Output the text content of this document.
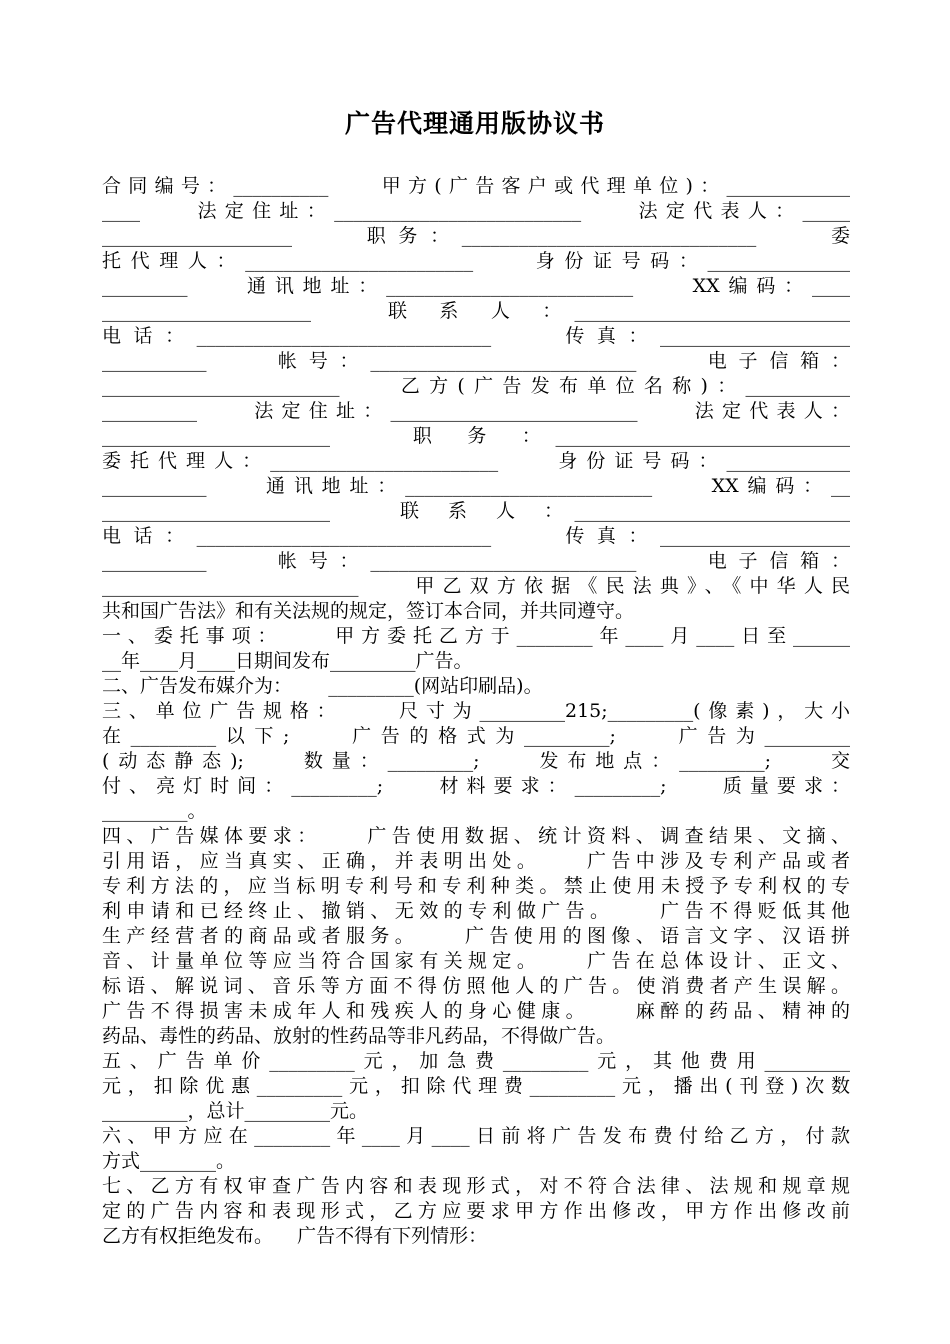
广告代理通用版协议书
合同编号：__________    甲方(广告客户或代理单位)：_____________
____    法定住址：__________________________    法定代表人：_____
____________________    职务：_______________________________    委
托代理人：________________________    身份证号码：_______________
_________    通讯地址：__________________________    XX编码：____
______________________    联 系 人 ：_____________________________
电话：_______________________________    传真：____________________
___________    帐号：____________________________    电子信箱：
_________________________    乙方(广告发布单位名称)：___________
__________    法定住址：__________________________    法定代表人：
________________________    职 务 ：_______________________________
委托代理人：________________________    身份证号码：_____________
___________    通讯地址：__________________________    XX编码：__
________________________    联 系 人 ：_____________________________
电话：_______________________________    传真：____________________
___________    帐号：____________________________    电子信箱：
___________________________    甲乙双方依据《民法典》、《中华人民
共和国广告法》和有关法规的规定，签订本合同，并共同遵守。
一、委托事项：    甲方委托乙方于________年____月____日至______
__年____月____日期间发布_________广告。
二、广告发布媒介为：      _________(网站印刷品)。
三、单位广告规格：    尺寸为_________215;_________(像素)，大小
在_________以下;    广告的格式为_________;    广告为_________
(动态静态);    数量：_________;    发布地点：_________;    交
付、亮灯时间：_________;    材料要求：_________;    质量要求：
_________。
四、广告媒体要求：    广告使用数据、统计资料、调查结果、文摘、
引用语，应当真实、正确，并表明出处。    广告中涉及专利产品或者
专利方法的，应当标明专利号和专利种类。禁止使用未授予专利权的专
利申请和已经终止、撤销、无效的专利做广告。    广告不得贬低其他
生产经营者的商品或者服务。    广告使用的图像、语言文字、汉语拼
音、计量单位等应当符合国家有关规定。    广告在总体设计、正文、
标语、解说词、音乐等方面不得仿照他人的广告。使消费者产生误解。
广告不得损害未成年人和残疾人的身心健康。    麻醉的药品、精神的
药品、毒性的药品、放射的性药品等非凡药品，不得做广告。
五、广告单价_________元，加急费_________元，其他费用_________
元，扣除优惠_________元，扣除代理费_________元，播出(刊登)次数
_________，总计_________元。
六、甲方应在________年____月____日前将广告发布费付给乙方，付款
方式________。
七、乙方有权审查广告内容和表现形式，对不符合法律、法规和规章规
定的广告内容和表现形式，乙方应要求甲方作出修改，甲方作出修改前
乙方有权拒绝发布。    广告不得有下列情形：
